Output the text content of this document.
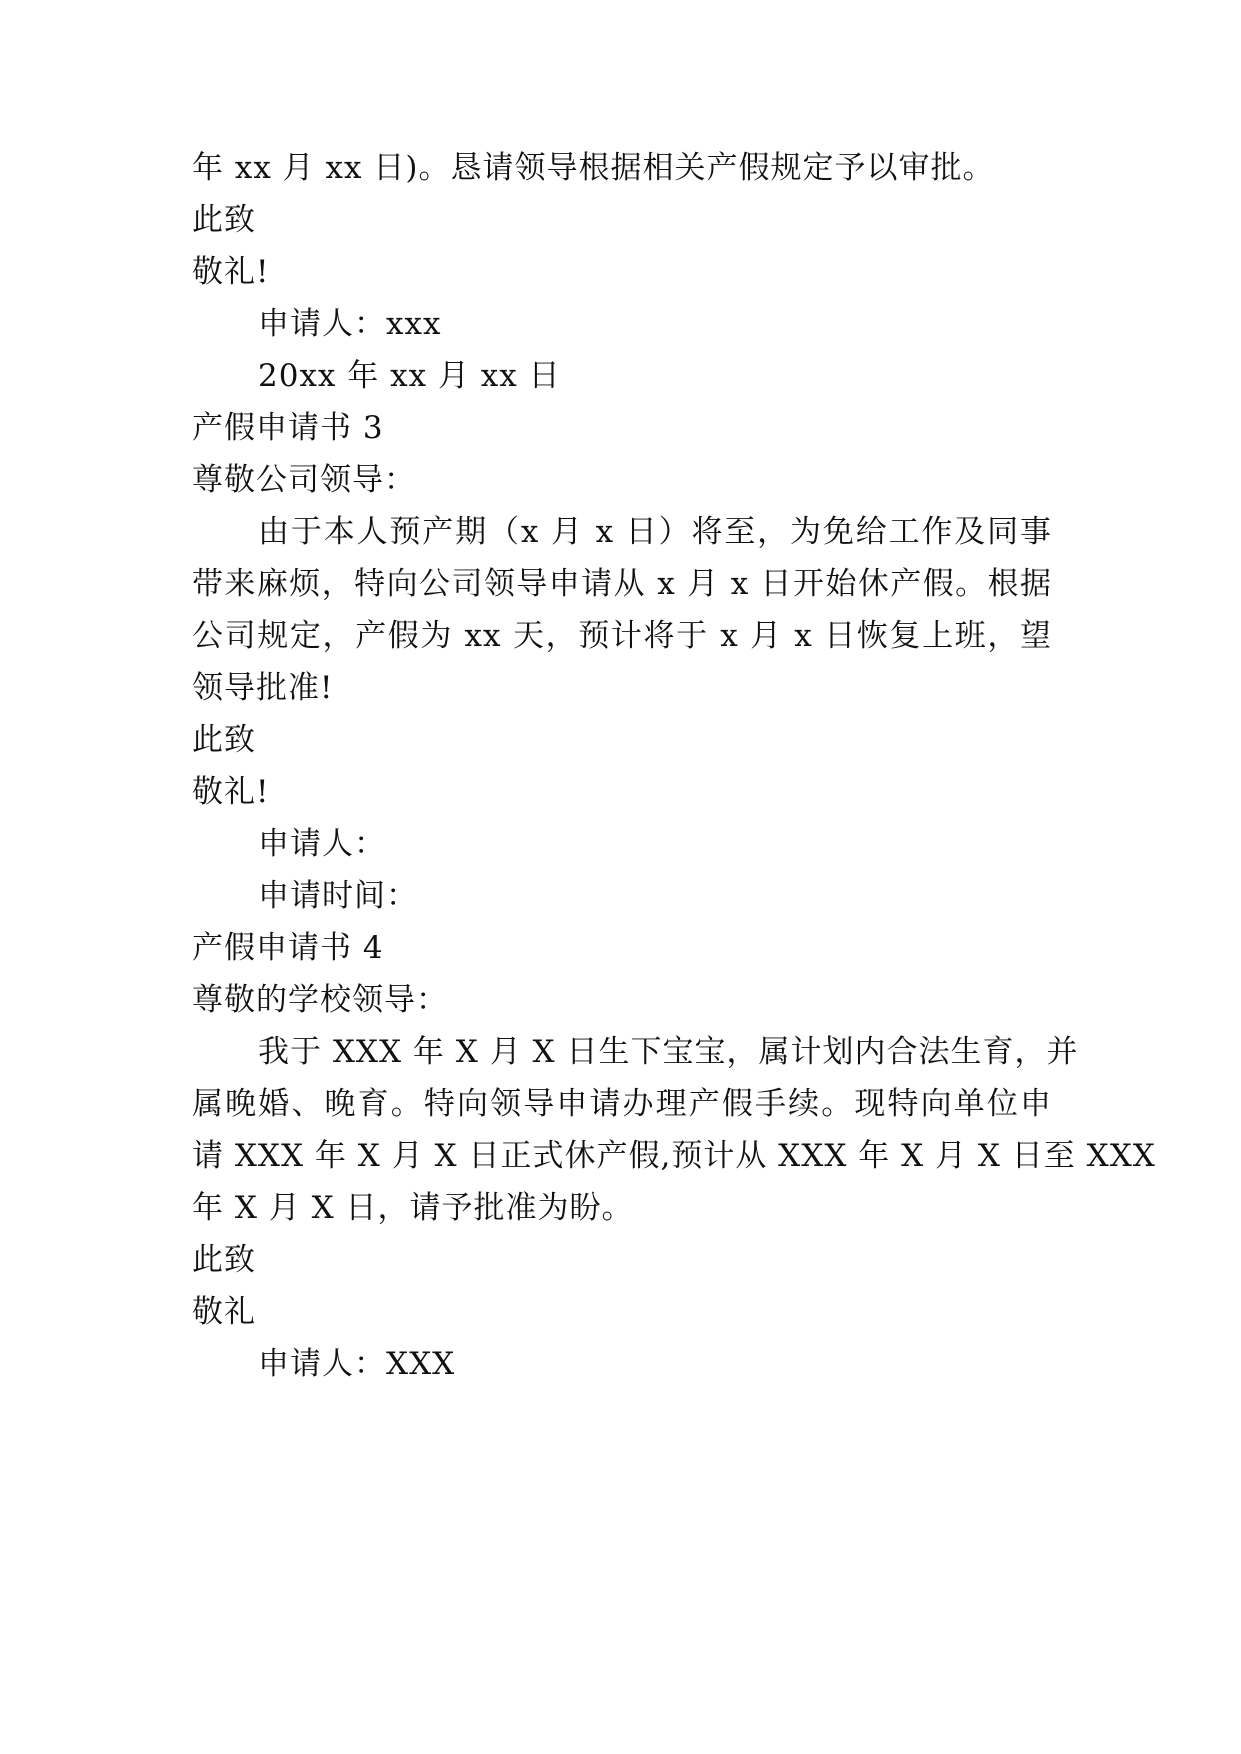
年 xx 月 xx 日)。恳请领导根据相关产假规定予以审批。
此致
敬礼!
申请人：xxx
20xx 年 xx 月 xx 日
产假申请书 3
尊敬公司领导：
由于本人预产期（x 月 x 日）将至，为免给工作及同事
带来麻烦，特向公司领导申请从 x 月 x 日开始休产假。根据
公司规定，产假为 xx 天，预计将于 x 月 x 日恢复上班，望
领导批准!
此致
敬礼!
申请人：
申请时间：
产假申请书 4
尊敬的学校领导：
我于 XXX 年 X 月 X 日生下宝宝，属计划内合法生育，并
属晚婚、晚育。特向领导申请办理产假手续。现特向单位申
请 XXX 年 X 月 X 日正式休产假,预计从 XXX 年 X 月 X 日至 XXX
年 X 月 X 日，请予批准为盼。
此致
敬礼
申请人：XXX
